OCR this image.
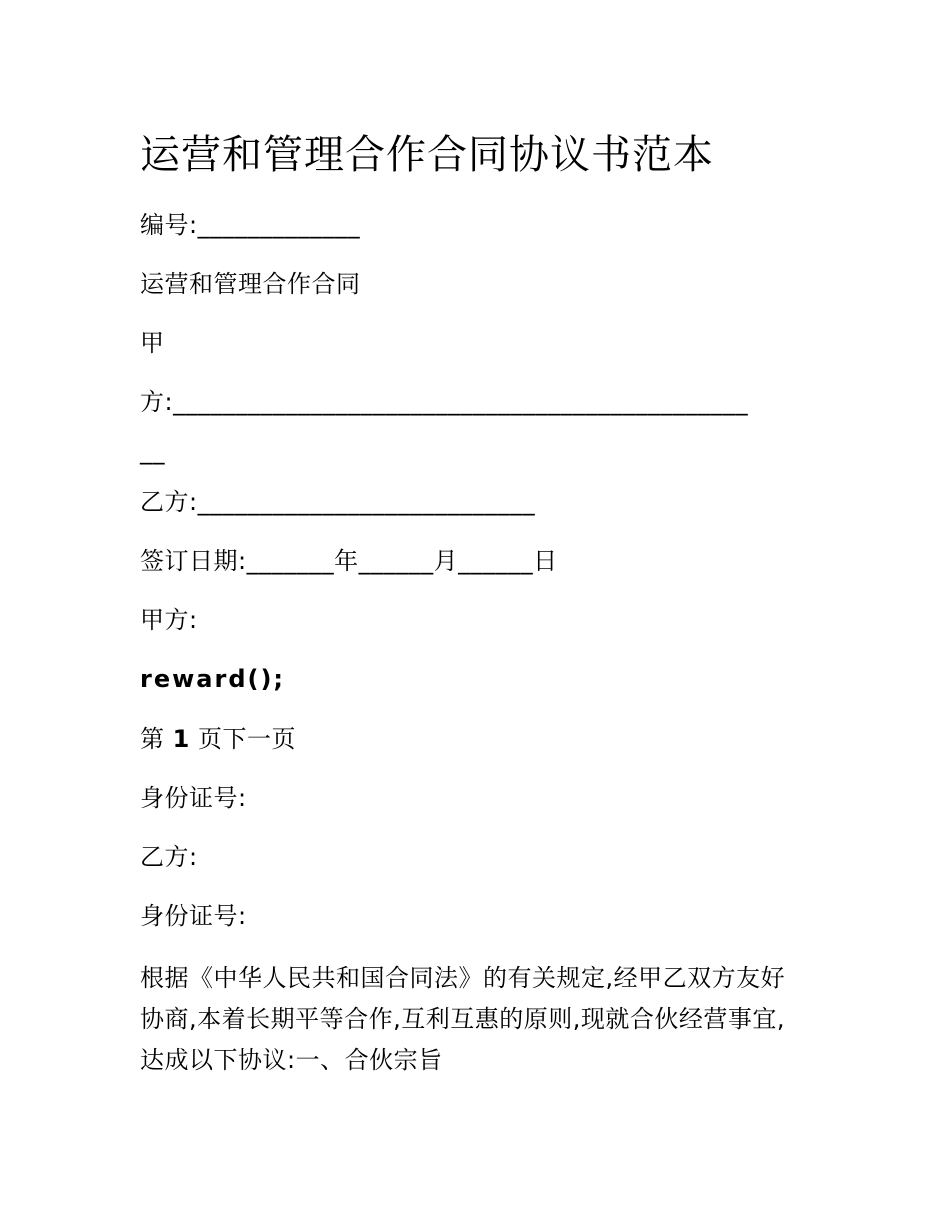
运营和管理合作合同协议书范本
编号:_____________
运营和管理合作合同
甲
方:______________________________________________
__
乙方:___________________________
签订日期:_______年______月______日
甲方:
reward();
第 1 页下一页
身份证号:
乙方:
身份证号:

根据《中华人民共和国合同法》的有关规定,经甲乙双方友好协商,本着长期平等合作,互利互惠的原则,现就合伙经营事宜,达成以下协议:一、合伙宗旨
